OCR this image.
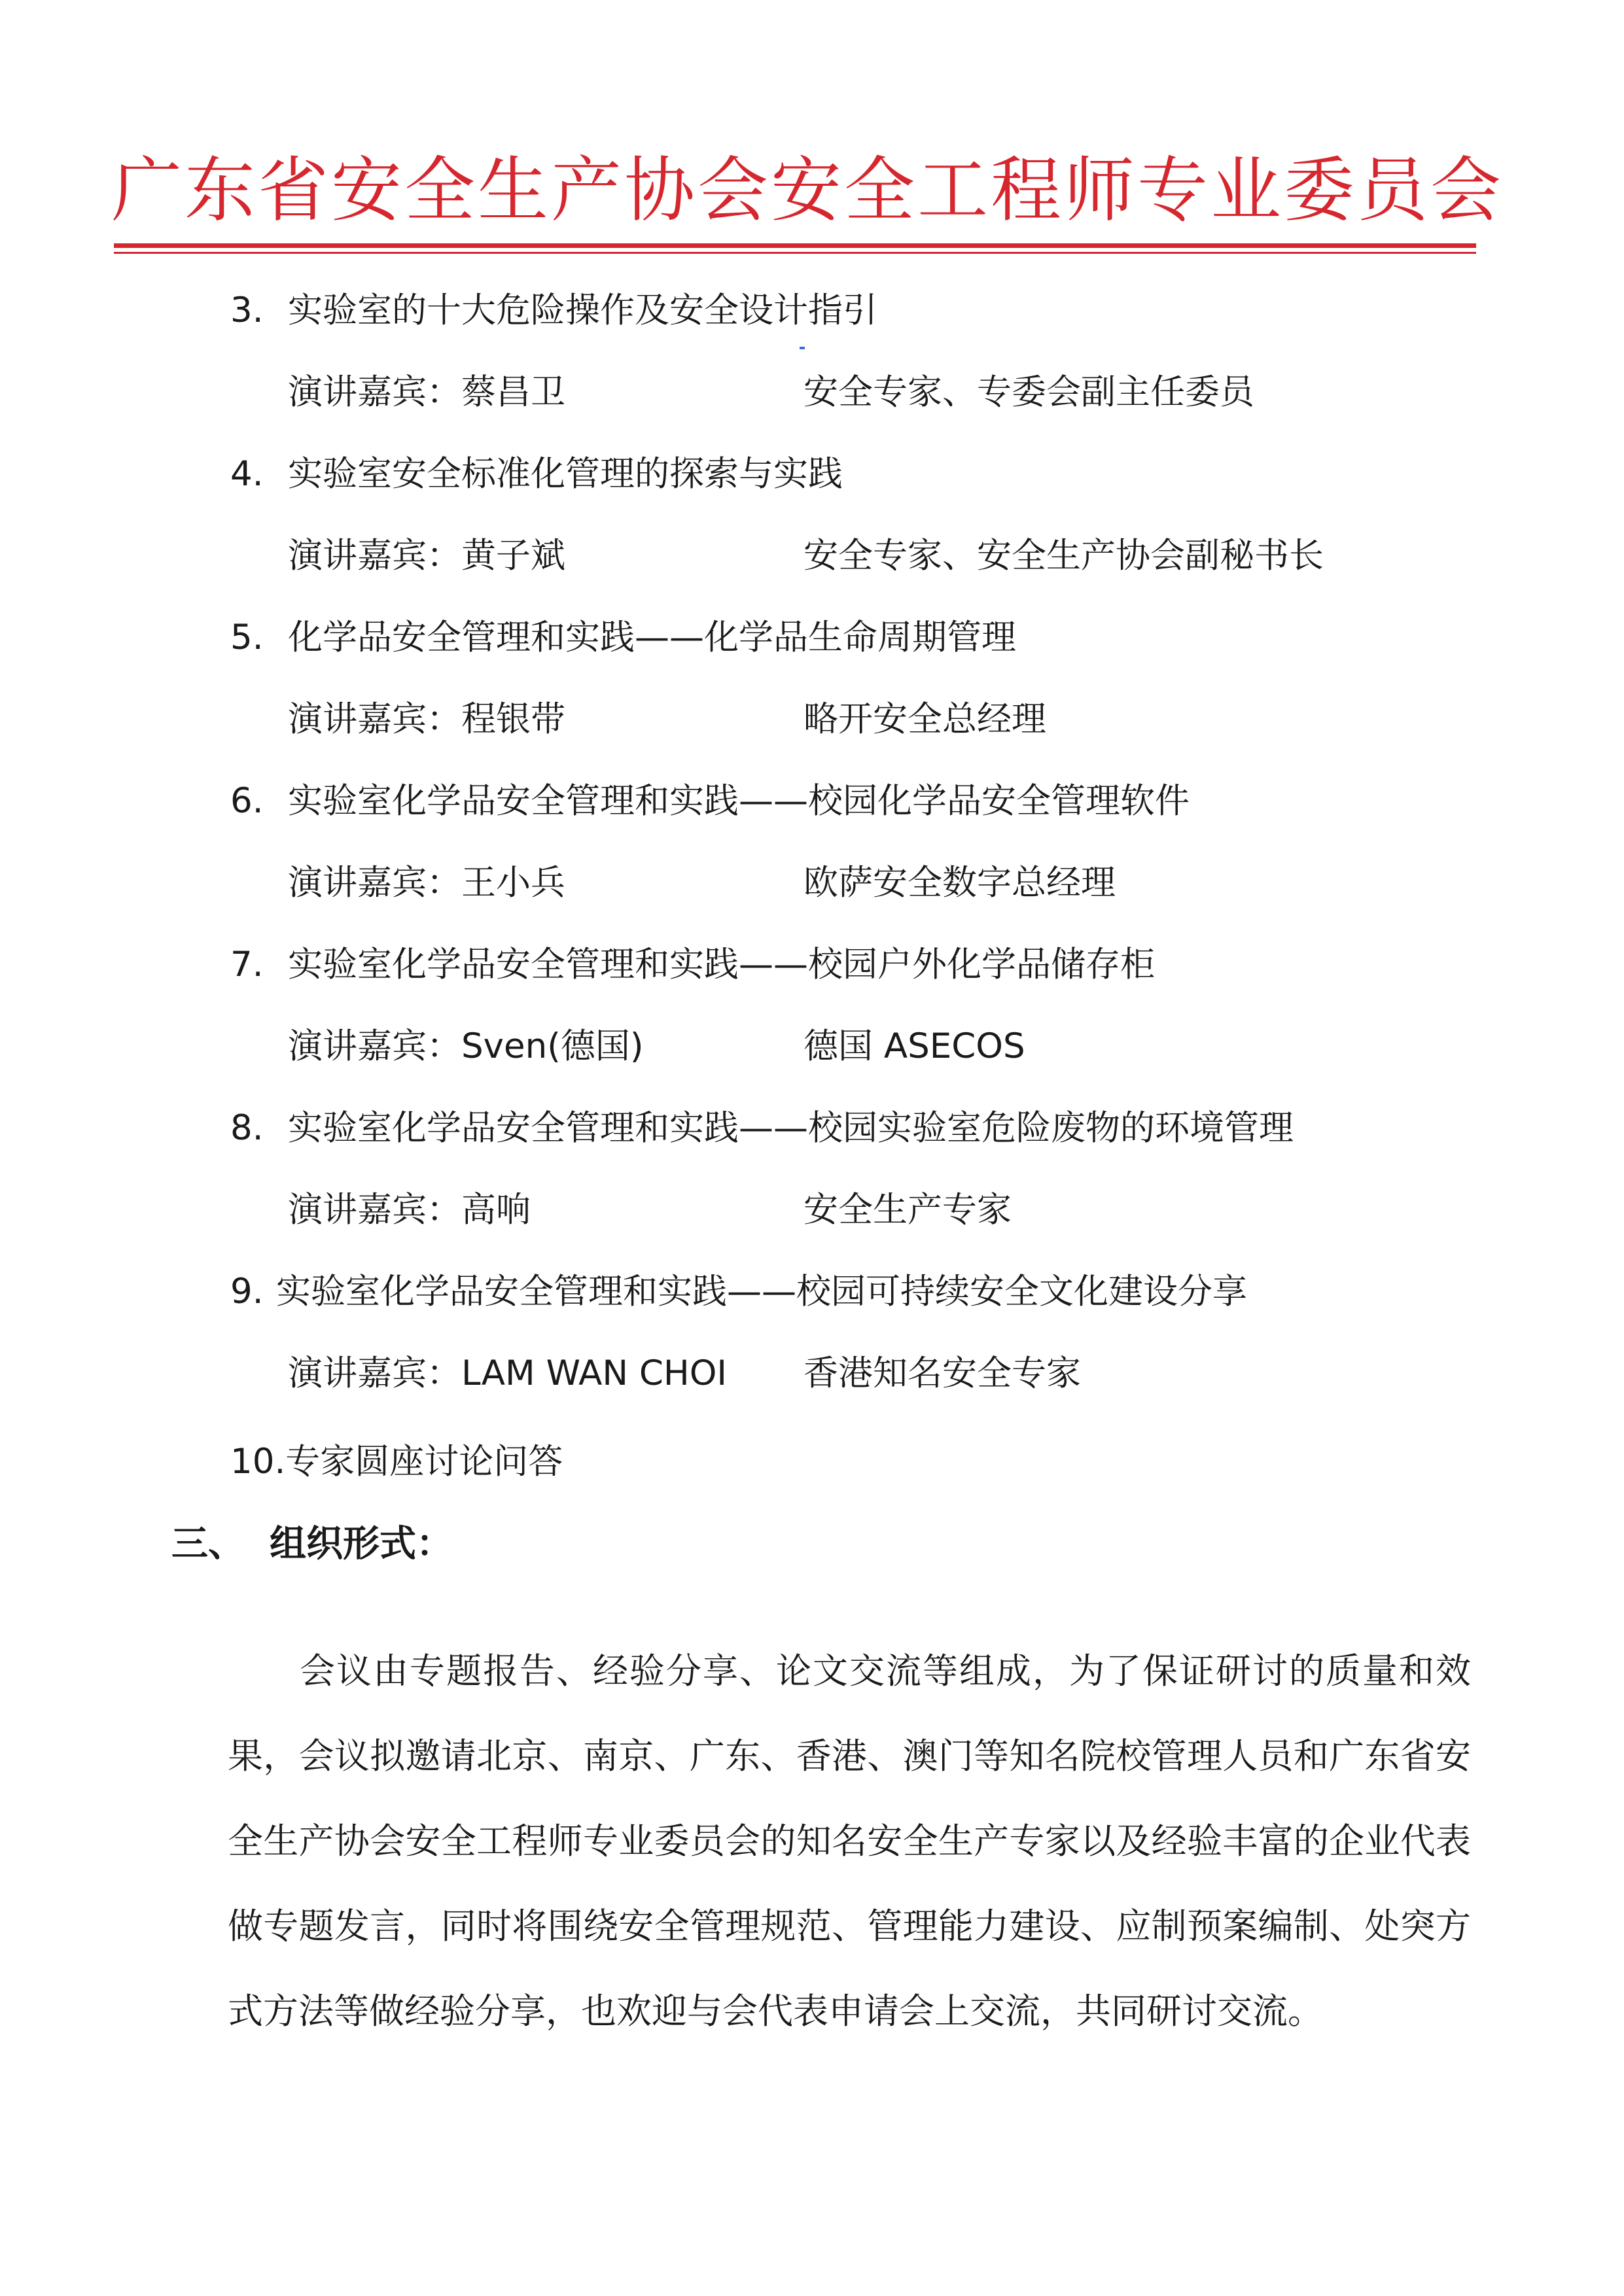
广东省安全生产协会安全工程师专业委员会
3. 实验室的十大危险操作及安全设计指引
演讲嘉宾：蔡昌卫	安全专家、专委会副主任委员
4. 实验室安全标准化管理的探索与实践
演讲嘉宾：黄子斌	安全专家、安全生产协会副秘书长
5. 化学品安全管理和实践——化学品生命周期管理
演讲嘉宾：程银带	略开安全总经理
6. 实验室化学品安全管理和实践——校园化学品安全管理软件
演讲嘉宾：王小兵	欧萨安全数字总经理
7. 实验室化学品安全管理和实践——校园户外化学品储存柜
演讲嘉宾：Sven(德国)	德国 ASECOS
8. 实验室化学品安全管理和实践——校园实验室危险废物的环境管理
演讲嘉宾：高响	安全生产专家
9. 实验室化学品安全管理和实践——校园可持续安全文化建设分享
演讲嘉宾：LAM WAN CHOI 香港知名安全专家
10.专家圆座讨论问答
三、 组织形式：

会议由专题报告、经验分享、论文交流等组成，为了保证研讨的质量和效果，会议拟邀请北京、南京、广东、香港、澳门等知名院校管理人员和广东省安全生产协会安全工程师专业委员会的知名安全生产专家以及经验丰富的企业代表做专题发言，同时将围绕安全管理规范、管理能力建设、应制预案编制、处突方式方法等做经验分享，也欢迎与会代表申请会上交流，共同研讨交流。
